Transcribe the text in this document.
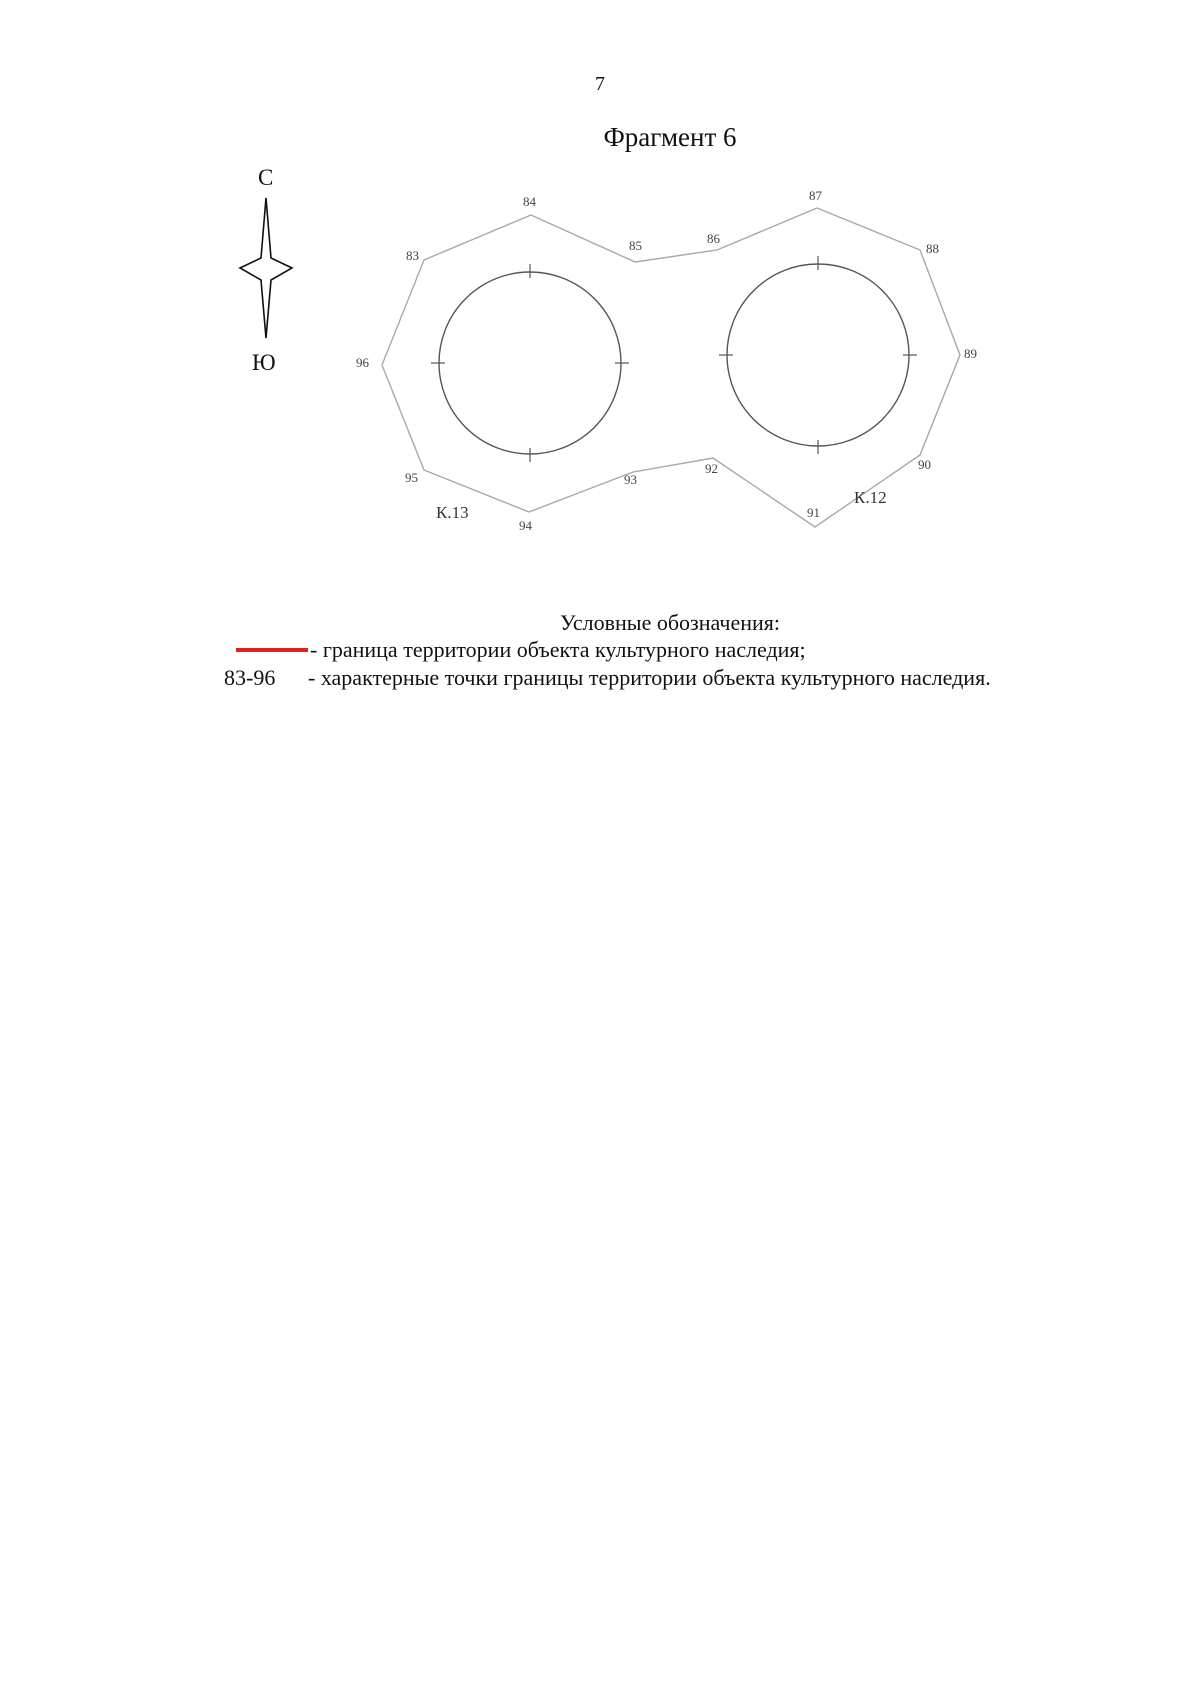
7
Фрагмент 6
С
Ю
83
84
85	86
87
88
89
90
91
92
93
94
95
96
К.13
К.12
Условные обозначения:
- граница территории объекта культурного наследия;
83-96 - характерные точки границы территории объекта культурного наследия.
